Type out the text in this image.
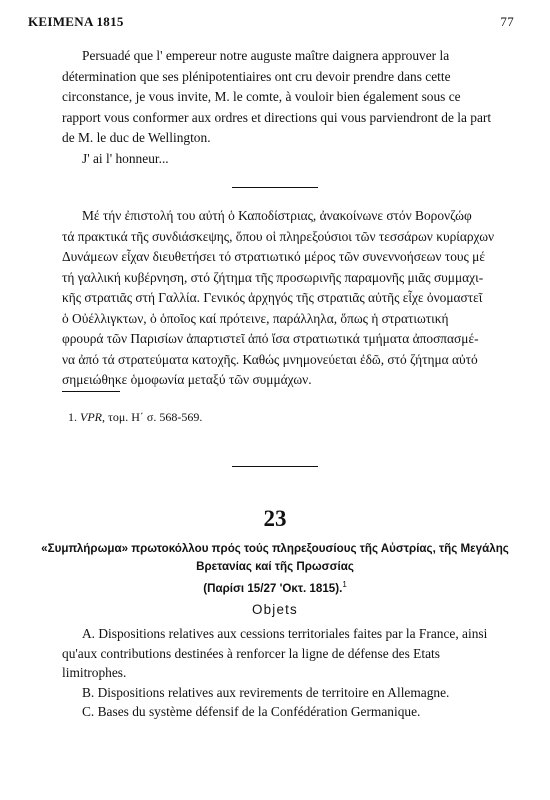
ΚΕΙΜΕΝΑ 1815	77
Persuadé que l' empereur notre auguste maître daignera approuver la
détermination que ses plénipotentiaires ont cru devoir prendre dans cette
circonstance, je vous invite, M. le comte, à vouloir bien également sous ce
rapport vous conformer aux ordres et directions qui vous parviendront de la part
de M. le duc de Wellington.
J' ai l' honneur...
Μέ τήν ἐπιστολή του αὐτή ὁ Καποδίστριας, ἀνακοίνωνε στόν Βορονζώφ
τά πρακτικά τῆς συνδιάσκεψης, ὅπου οἱ πληρεξούσιοι τῶν τεσσάρων κυρίαρχων
Δυνάμεων εἶχαν διευθετήσει τό στρατιωτικό μέρος τῶν συνεννοήσεων τους μέ
τή γαλλική κυβέρνηση, στό ζήτημα τῆς προσωρινῆς παραμονῆς μιᾶς συμμαχι-
κῆς στρατιᾶς στή Γαλλία. Γενικός ἀρχηγός τῆς στρατιᾶς αὐτῆς εἶχε ὀνομαστεῖ
ὁ Οὐέλλιγκτων, ὁ ὁποῖος καί πρότεινε, παράλληλα, ὅπως ἡ στρατιωτική
φρουρά τῶν Παρισίων ἀπαρτιστεῖ ἀπό ἴσα στρατιωτικά τμήματα ἀποσπασμέ-
να ἀπό τά στρατεύματα κατοχῆς. Καθώς μνημονεύεται ἐδῶ, στό ζήτημα αὐτό
σημειώθηκε ὁμοφωνία μεταξύ τῶν συμμάχων.
1. VPR, τομ. Η΄ σ. 568-569.
23
«Συμπλήρωμα» πρωτοκόλλου πρός τούς πληρεξουσίους τῆς Αὐστρίας, τῆς Μεγάλης
Βρετανίας καί τῆς Πρωσσίας
(Παρίσι 15/27 'Οκτ. 1815).$^1$
Objets
A. Dispositions relatives aux cessions territoriales faites par la France, ainsi
qu'aux contributions destinées à renforcer la ligne de défense des Etats
limitrophes.
B. Dispositions relatives aux revirements de territoire en Allemagne.
C. Bases du système défensif de la Confédération Germanique.
